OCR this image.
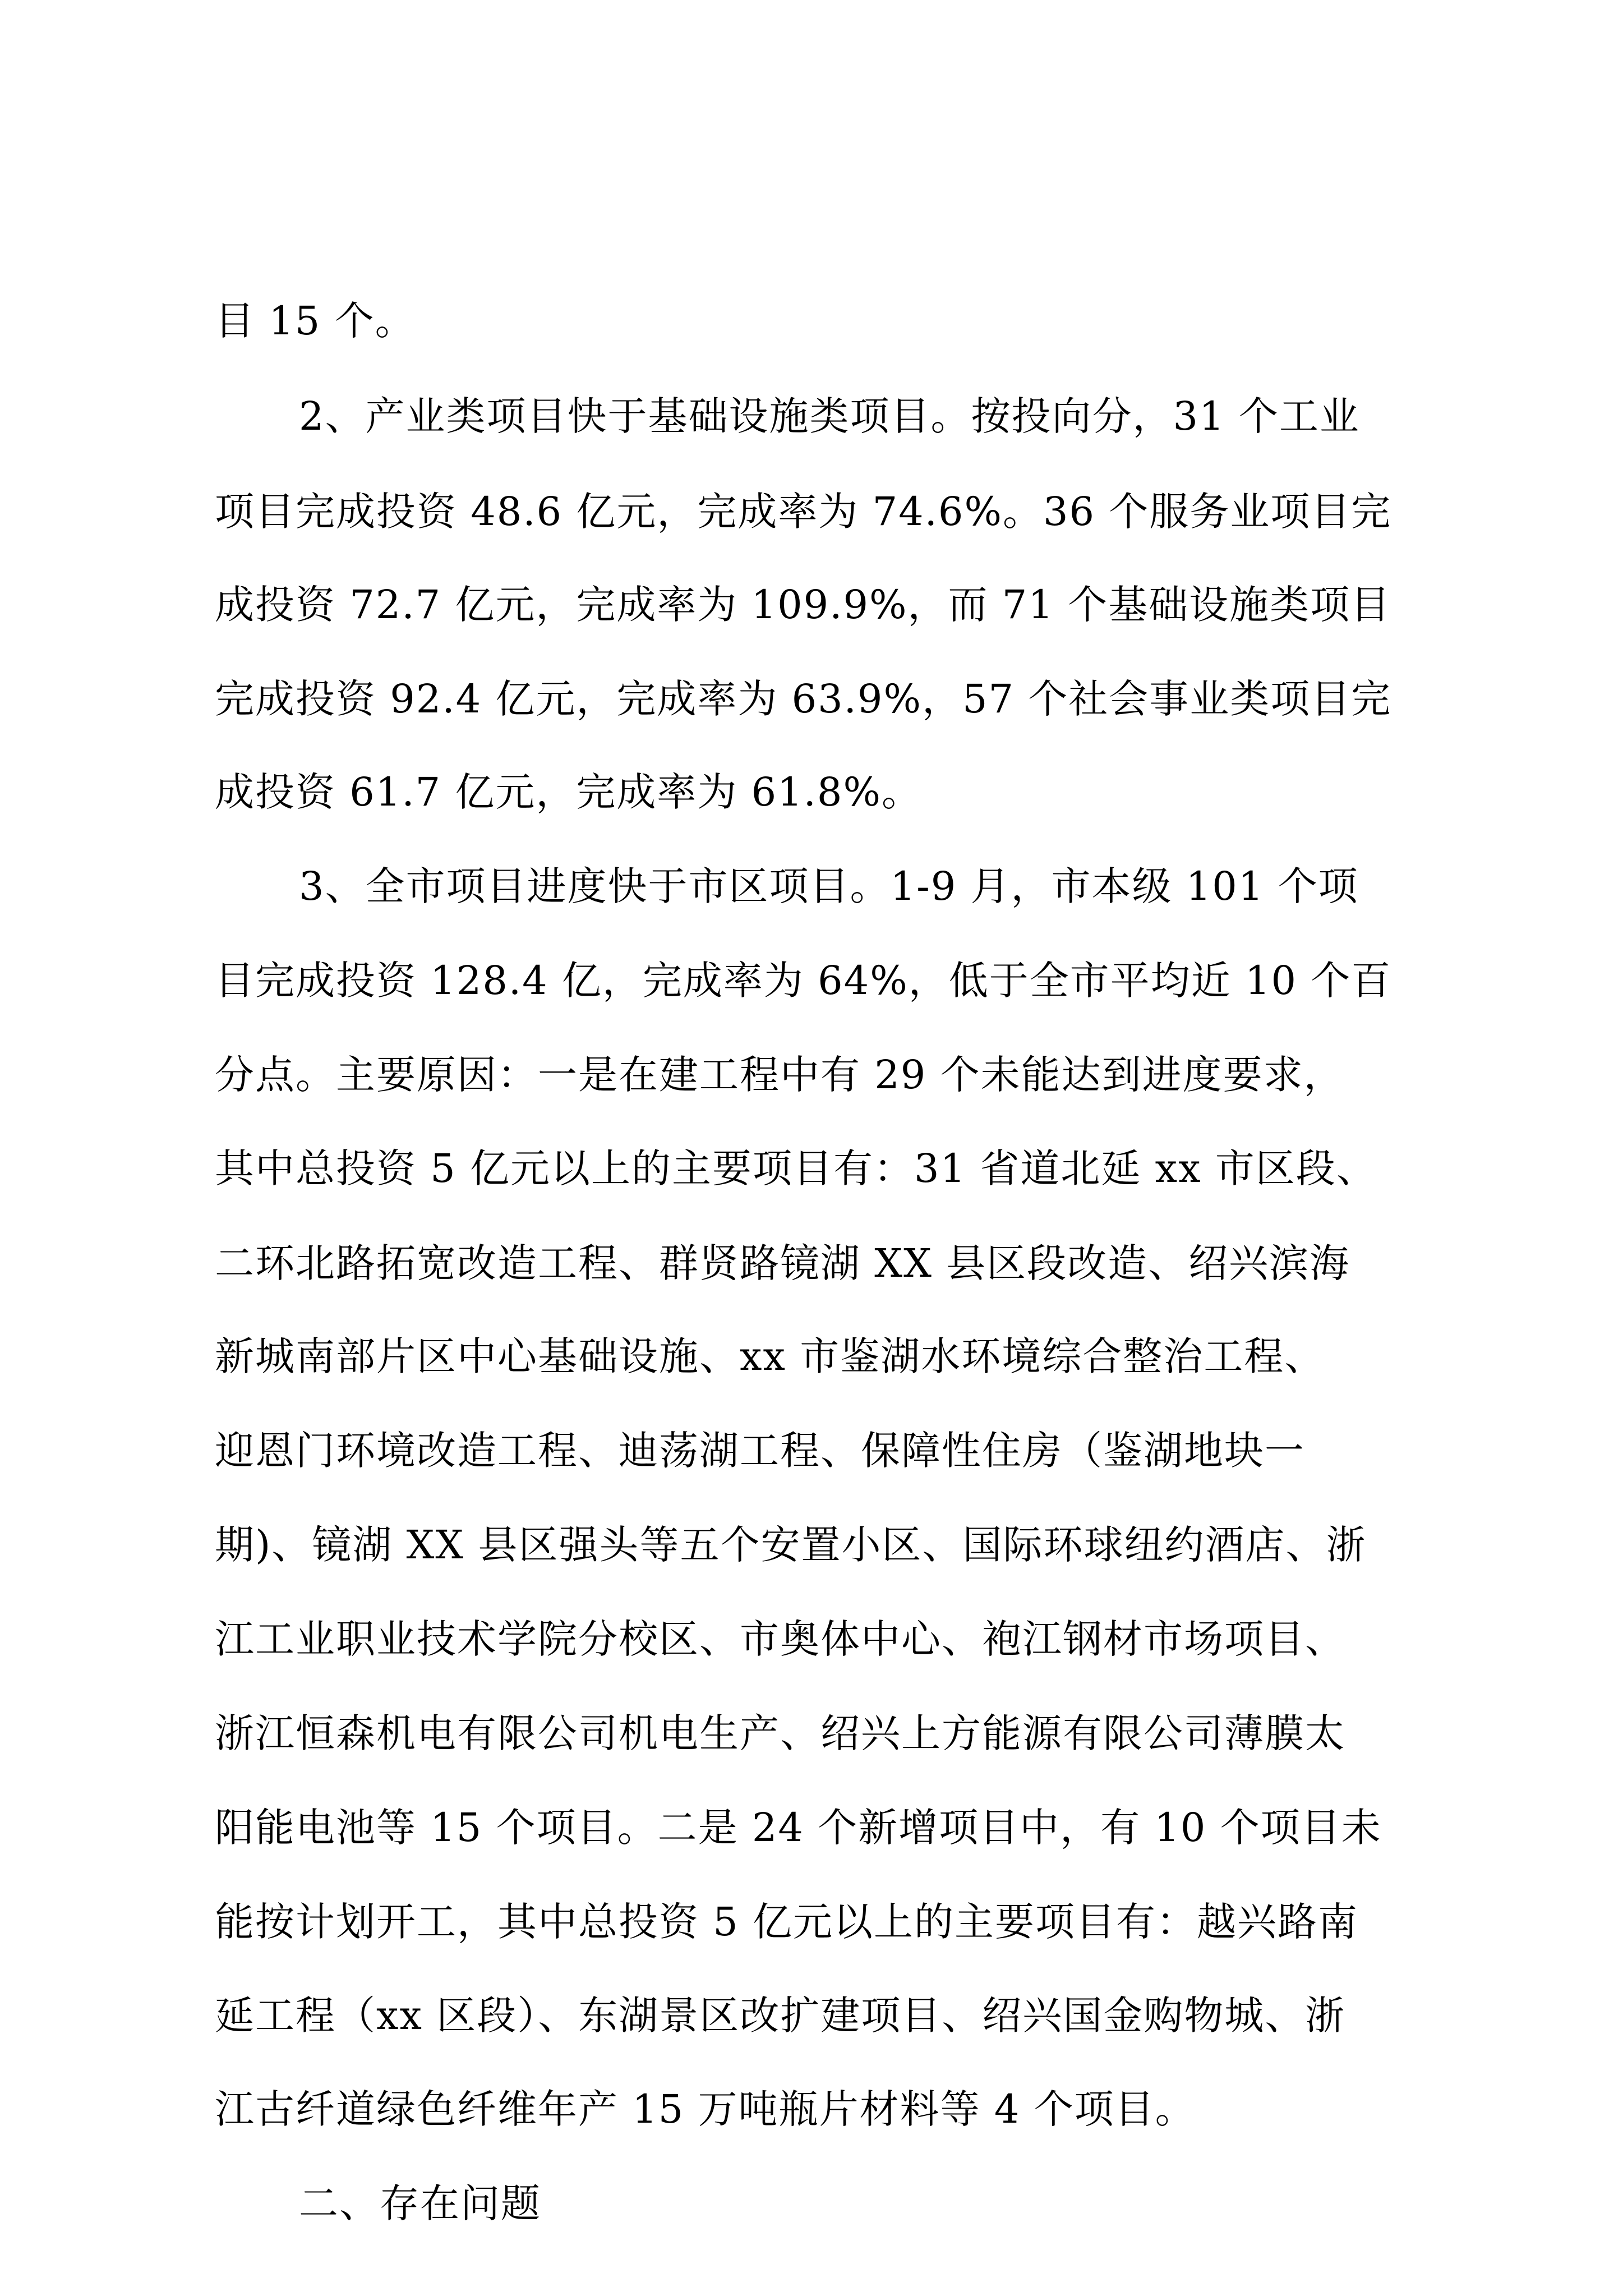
目 15 个。
2、产业类项目快于基础设施类项目。按投向分，31 个工业
项目完成投资 48.6 亿元，完成率为 74.6%。36 个服务业项目完
成投资 72.7 亿元，完成率为 109.9%，而 71 个基础设施类项目
完成投资 92.4 亿元，完成率为 63.9%，57 个社会事业类项目完
成投资 61.7 亿元，完成率为 61.8%。
3、全市项目进度快于市区项目。1-9 月，市本级 101 个项
目完成投资 128.4 亿，完成率为 64%，低于全市平均近 10 个百
分点。主要原因：一是在建工程中有 29 个未能达到进度要求，
其中总投资 5 亿元以上的主要项目有：31 省道北延 xx 市区段、
二环北路拓宽改造工程、群贤路镜湖 XX 县区段改造、绍兴滨海
新城南部片区中心基础设施、xx 市鉴湖水环境综合整治工程、
迎恩门环境改造工程、迪荡湖工程、保障性住房（鉴湖地块一
期)、镜湖 XX 县区强头等五个安置小区、国际环球纽约酒店、浙
江工业职业技术学院分校区、市奥体中心、袍江钢材市场项目、
浙江恒森机电有限公司机电生产、绍兴上方能源有限公司薄膜太
阳能电池等 15 个项目。二是 24 个新增项目中，有 10 个项目未
能按计划开工，其中总投资 5 亿元以上的主要项目有：越兴路南
延工程（xx 区段）、东湖景区改扩建项目、绍兴国金购物城、浙
江古纤道绿色纤维年产 15 万吨瓶片材料等 4 个项目。
二、存在问题
